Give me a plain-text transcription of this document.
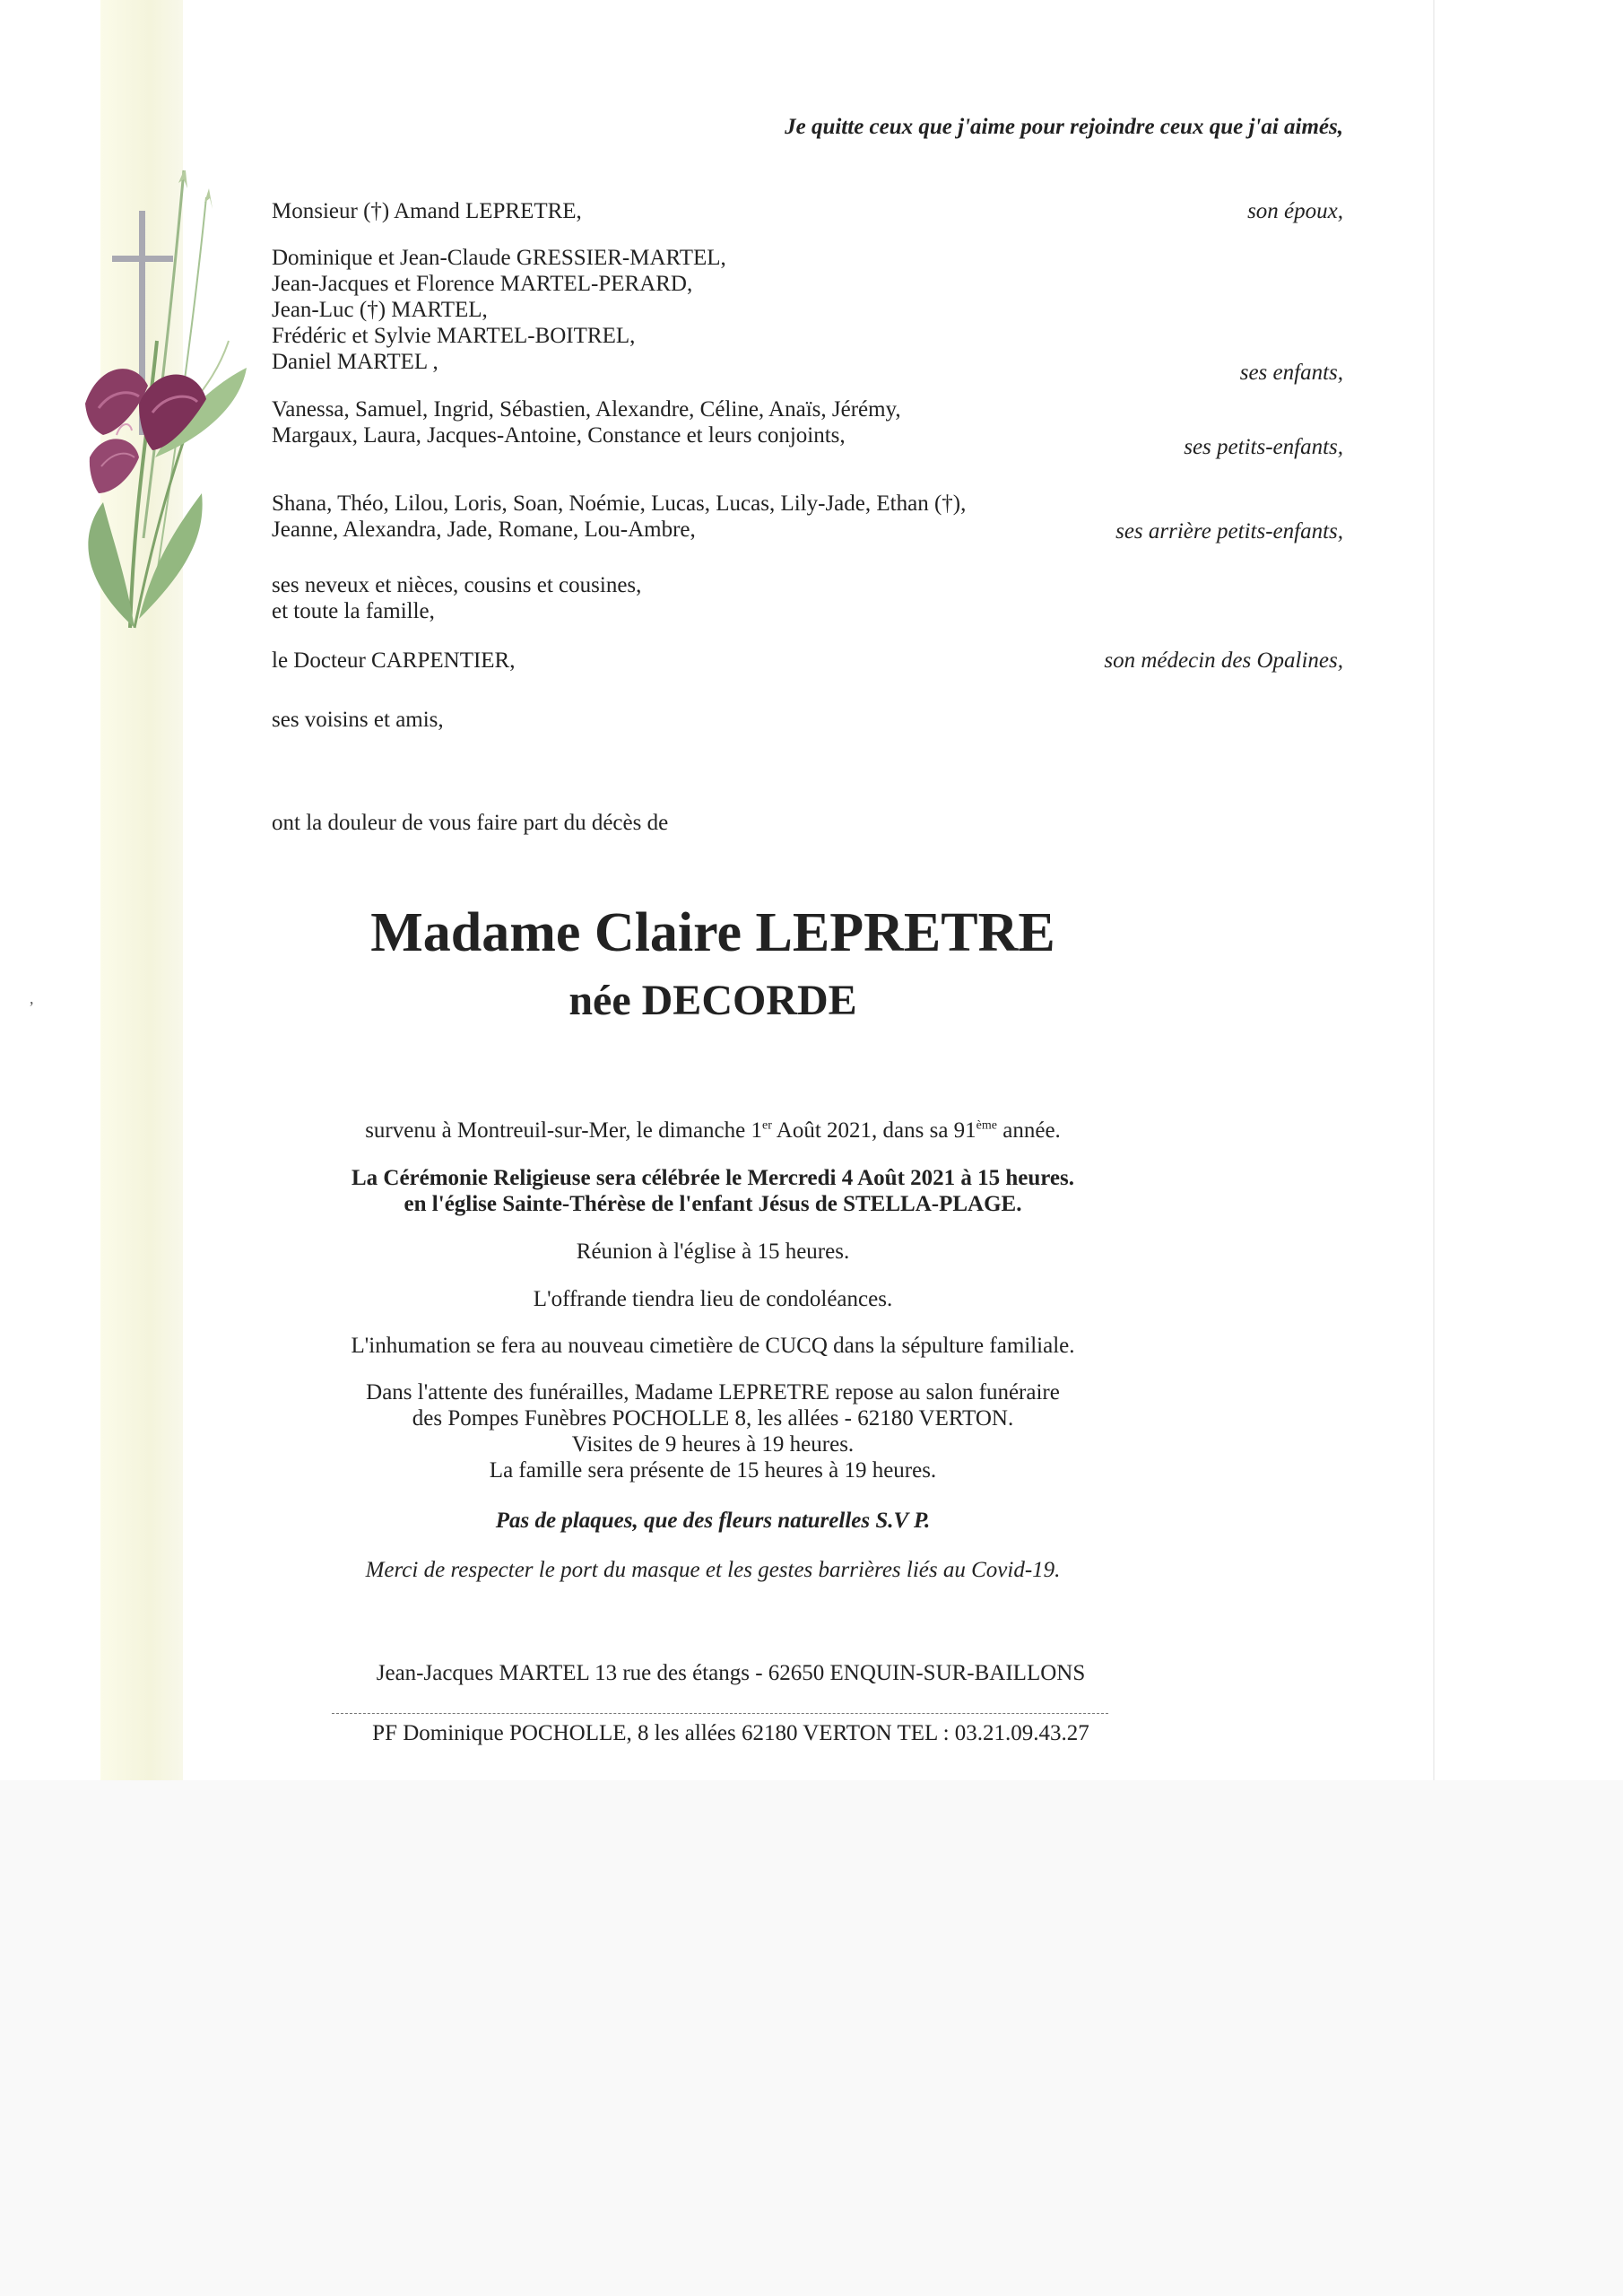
,
Je quitte ceux que j'aime pour rejoindre ceux que j'ai aimés,
Monsieur (†) Amand LEPRETRE,	son époux,
Dominique et Jean-Claude GRESSIER-MARTEL,
Jean-Jacques et Florence MARTEL-PERARD,
Jean-Luc (†) MARTEL,
Frédéric et Sylvie MARTEL-BOITREL,
Daniel MARTEL ,	ses enfants,
Vanessa, Samuel, Ingrid, Sébastien, Alexandre, Céline, Anaïs, Jérémy,
Margaux, Laura, Jacques-Antoine, Constance et leurs conjoints,	ses petits-enfants,
Shana, Théo, Lilou, Loris, Soan, Noémie, Lucas, Lucas, Lily-Jade, Ethan (†),
Jeanne, Alexandra, Jade, Romane, Lou-Ambre,	ses arrière petits-enfants,
ses neveux et nièces, cousins et cousines,
et toute la famille,
le Docteur CARPENTIER,	son médecin des Opalines,
ses voisins et amis,
ont la douleur de vous faire part du décès de
Madame Claire LEPRETRE
née DECORDE
survenu à Montreuil-sur-Mer, le dimanche 1er Août 2021, dans sa 91ème année.
La Cérémonie Religieuse sera célébrée le Mercredi 4 Août 2021 à 15 heures.
en l'église Sainte-Thérèse de l'enfant Jésus de STELLA-PLAGE.
Réunion à l'église à 15 heures.
L'offrande tiendra lieu de condoléances.
L'inhumation se fera au nouveau cimetière de CUCQ dans la sépulture familiale.
Dans l'attente des funérailles, Madame LEPRETRE repose au salon funéraire
des Pompes Funèbres POCHOLLE 8, les allées - 62180 VERTON.
Visites de 9 heures à 19 heures.
La famille sera présente de 15 heures à 19 heures.
Pas de plaques, que des fleurs naturelles S.V P.
Merci de respecter le port du masque et les gestes barrières liés au Covid-19.
Jean-Jacques MARTEL 13 rue des étangs - 62650 ENQUIN-SUR-BAILLONS
PF Dominique POCHOLLE, 8 les allées 62180 VERTON TEL : 03.21.09.43.27
